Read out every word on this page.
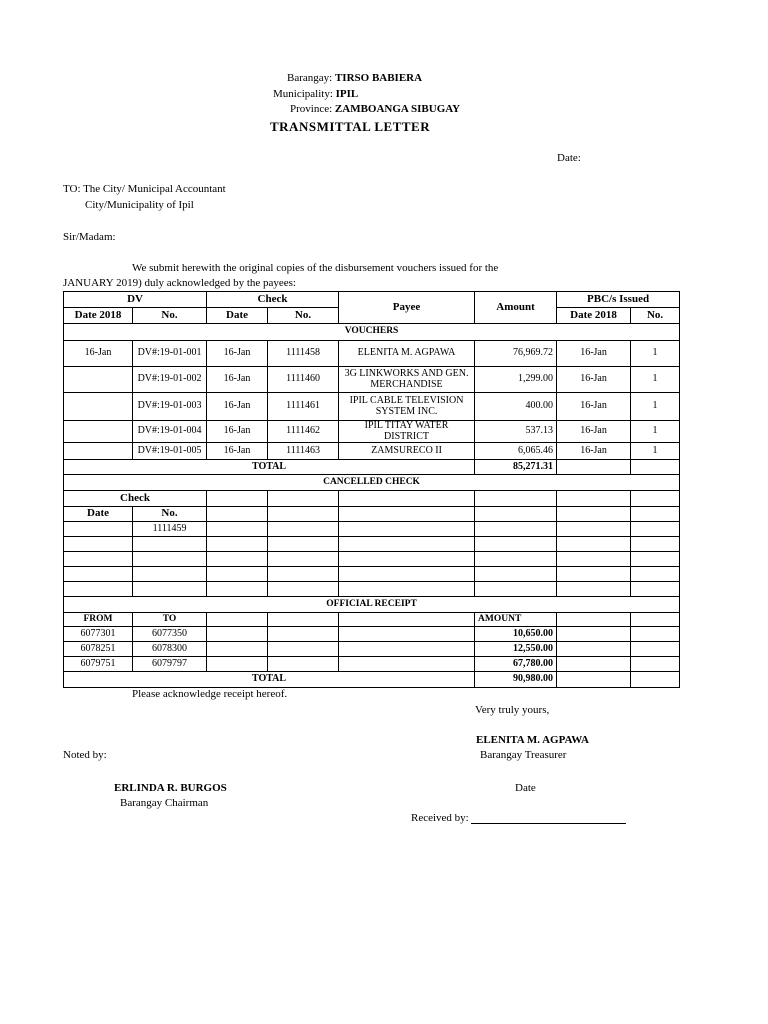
Barangay: TIRSO BABIERA
Municipality: IPIL
Province: ZAMBOANGA SIBUGAY
TRANSMITTAL LETTER
Date:
TO: The City/ Municipal Accountant
City/Municipality of Ipil
Sir/Madam:
We submit herewith the original copies of the disbursement vouchers issued for the
JANUARY 2019) duly acknowledged by the payees:
DV		Check		Payee	Amount	PBC/s Issued	
Date 2018	No.	Date	No.			Date 2018	No.
VOUCHERS							
16-Jan	DV#:19-01-001	16-Jan	1111458	ELENITA M. AGPAWA	76,969.72	16-Jan	1
	DV#:19-01-002	16-Jan	1111460	3G LINKWORKS AND GEN. MERCHANDISE	1,299.00	16-Jan	1
	DV#:19-01-003	16-Jan	1111461	IPIL CABLE TELEVISION SYSTEM INC.	400.00	16-Jan	1
	DV#:19-01-004	16-Jan	1111462	IPIL TITAY WATER DISTRICT	537.13	16-Jan	1
	DV#:19-01-005	16-Jan	1111463	ZAMSURECO II	6,065.46	16-Jan	1
TOTAL					85,271.31		
CANCELLED CHECK							
Check							
Date	No.						
	1111459						

OFFICIAL RECEIPT							
FROM	TO				AMOUNT		
6077301	6077350				10,650.00		
6078251	6078300				12,550.00		
6079751	6079797				67,780.00		
TOTAL					90,980.00		
Please acknowledge receipt hereof.
Very truly yours,
ELENITA M. AGPAWA
Barangay Treasurer
Noted by:
ERLINDA R. BURGOS
Barangay Chairman
Date
Received by:
